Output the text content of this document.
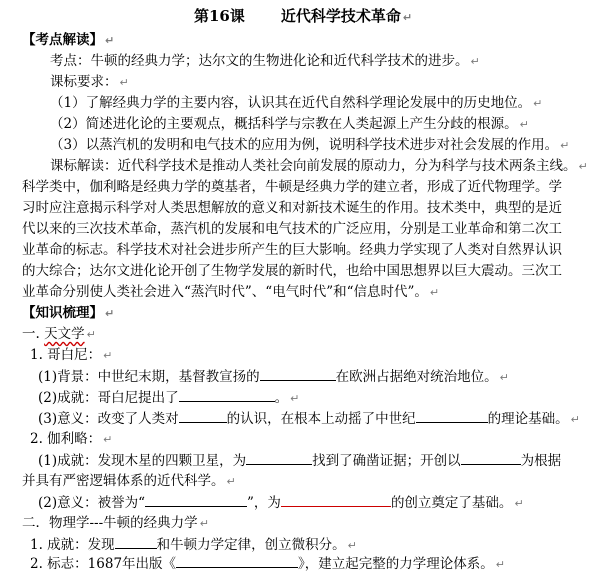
第16课 近代科学技术革命 ↵
【考点解读】 ↵
考点：牛顿的经典力学；达尔文的生物进化论和近代科学技术的进步。 ↵
课标要求： ↵
（1）了解经典力学的主要内容，认识其在近代自然科学理论发展中的历史地位。 ↵
（2）简述进化论的主要观点，概括科学与宗教在人类起源上产生分歧的根源。 ↵
（3）以蒸汽机的发明和电气技术的应用为例，说明科学技术进步对社会发展的作用。 ↵
课标解读：近代科学技术是推动人类社会向前发展的原动力，分为科学与技术两条主线。 ↵
科学类中，伽利略是经典力学的奠基者，牛顿是经典力学的建立者，形成了近代物理学。学
习时应注意揭示科学对人类思想解放的意义和对新技术诞生的作用。技术类中，典型的是近
代以来的三次技术革命，蒸汽机的发展和电气技术的广泛应用，分别是工业革命和第二次工
业革命的标志。科学技术对社会进步所产生的巨大影响。经典力学实现了人类对自然界认识
的大综合；达尔文进化论开创了生物学发展的新时代，也给中国思想界以巨大震动。三次工
业革命分别使人类社会进入“蒸汽时代”、“电气时代”和“信息时代”。 ↵
【知识梳理】 ↵
一. 天文学 ↵
1. 哥白尼： ↵
(1)背景：中世纪末期，基督教宣扬的	在欧洲占据绝对统治地位。 ↵
(2)成就：哥白尼提出了	。 ↵
(3)意义：改变了人类对	的认识，在根本上动摇了中世纪	的理论基础。 ↵
2. 伽利略： ↵
(1)成就：发现木星的四颗卫星，为	找到了确凿证据；开创以	为根据
并具有严密逻辑体系的近代科学。 ↵
(2)意义：被誉为“	”，为	的创立奠定了基础。 ↵
二．物理学---牛顿的经典力学 ↵
1. 成就：发现	和牛顿力学定律，创立微积分。 ↵
2. 标志：1687年出版《	》，建立起完整的力学理论体系。 ↵
